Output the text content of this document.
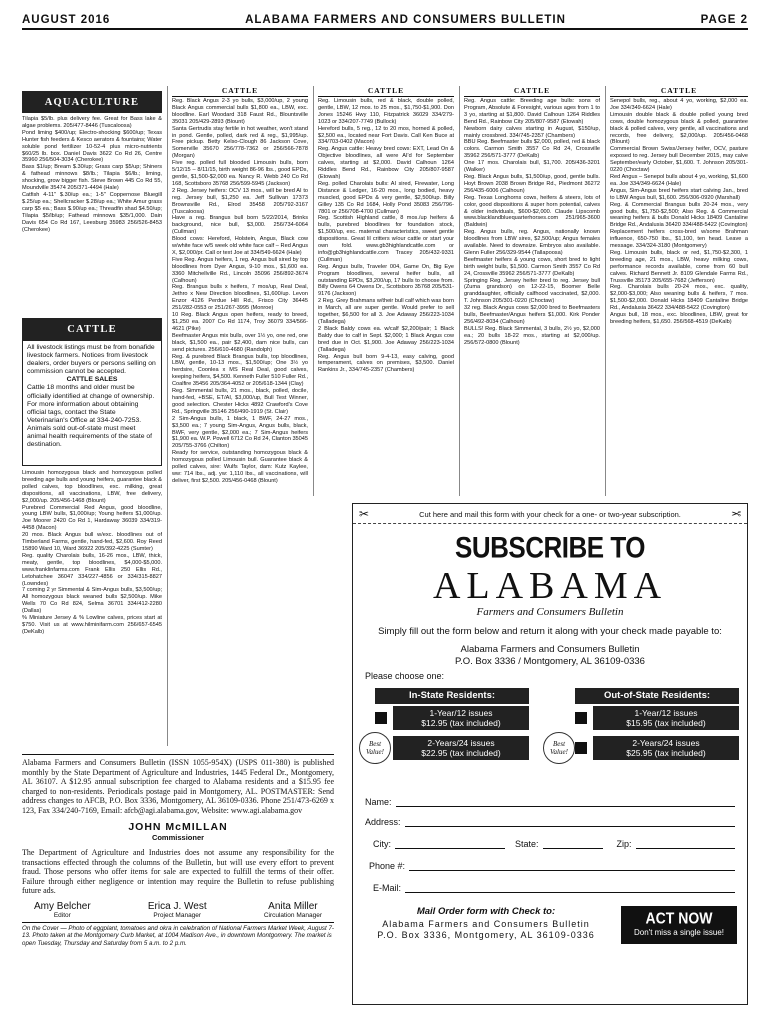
AUGUST 2016	ALABAMA FARMERS AND CONSUMERS BULLETIN	PAGE 2
AQUACULTURE

Tilapia $5/lb. plus delivery fee. Great for Bass lake & algae problems. 205/477-8446 (Tuscaloosa)
Pond liming $400/up; Electro-shocking $600/up; Texas Hunter fish feeders & Kesco aerators & fountains; Water soluble pond fertilizer 10-52-4 plus micro-nutrients $60/25 lb. box. Daniel Davis 3622 Co Rd 26, Centre 35960 256/504-3034 (Cherokee)
Bass $1/up; Bream $.30/up; Grass carp $5/up; Shiners & fathead minnows $8/lb.; Tilapia $6/lb.; liming, shocking, grow bigger fish. Steve Brown 445 Co Rd 55, Moundville 35474 205/371-4494 (Hale)
Catfish 4-11" $.30/up ea.; 1-5" Coppernose Bluegill $.25/up ea.; Shellcracker $.28/up ea.; White Amur grass carp $5 ea.; Bass $.90/up ea.; Threadfin shad $4.50/up; Tilapia $5/lb/up; Fathead minnows $35/1,000. Dain Davis 654 Co Rd 167, Leesburg 35983 256/526-8453 (Cherokee)

CATTLE

All livestock listings must be from bonafide livestock farmers. Notices from livestock dealers, order buyers or persons selling on commission cannot be accepted.

CATTLE SALES

Cattle 18 months and older must be officially identified at change of ownership. For more information about obtaining official tags, contact the State Veterinarian's Office at 334-240-7253. Animals sold out-of-state must meet animal health requirements of the state of destination.

Limousin homozygous black and homozygous polled breeding age bulls and young heifers, guarantee black & polled calves, top bloodlines, exc. milking, great dispositions, all vaccinations, LBW, free delivery, $2,000/up. 205/456-1468 (Blount)
Purebred Commercial Red Angus, good bloodline, young LBW bulls, $1,000/up; Young heifers $1,000/up. Joe Moorer 2420 Co Rd 1, Hardaway 36039 334/319-4458 (Macon)
20 mos. Black Angus bull w/exc. bloodlines out of Timberland Farms, gentle, hand-fed, $2,600. Roy Reed 15890 Ward 10, Ward 36922 205/392-4225 (Sumter)
Reg. quality Charolais bulls, 16-26 mos., LBW, thick, meaty, gentle, top bloodlines, $4,000-$5,000. www.franklinfarms.com Frank Ellis 250 Ellis Rd., Letohatchee 36047 334/227-4856 or 334/315-8827 (Lowndes)
7 coming 2 yr Simmental & Sim-Angus bulls, $3,500/up; All homozygous black weaned bulls $2,500/up. Mike Wells 70 Co Rd 824, Selma 36701 334/412-2280 (Dallas)
% Miniature Jersey & % Lowline calves, prices start at $750. Visit us at www.hilminifarm.com 256/657-6545 (DeKalb)

Alabama Farmers and Consumers Bulletin (ISSN 1055-954X) (USPS 011-380) is published monthly by the State Department of Agriculture and Industries, 1445 Federal Dr., Montgomery, AL 36107. A $12.95 annual subscription fee charged to Alabama residents and a $15.95 fee charged to non-residents. Periodicals postage paid in Montgomery, AL. POSTMASTER: Send address changes to AFCB, P.O. Box 3336, Montgomery, AL 36109-0336. Phone 251/473-6269 x 123, Fax 334/240-7169, Email: afcb@agi.alabama.gov, Website: www.agi.alabama.gov
JOHN McMILLAN
Commissioner
The Department of Agriculture and Industries does not assume any responsibility for the transactions effected through the columns of the Bulletin, but will use every effort to prevent fraud. Those persons who offer items for sale are expected to fulfill the terms of their offer. Failure through either negligence or intention may require the Bulletin to refuse publishing future ads.
Amy Belcher
Editor
Erica J. West
Project Manager
Anita Miller
Circulation Manager
On the Cover — Photo of eggplant, tomatoes and okra in celebration of National Farmers Market Week, August 7-13. Photo taken at the Montgomery Curb Market, at 1004 Madison Ave., in downtown Montgomery. The market is open Tuesday, Thursday and Saturday from 5 a.m. to 2 p.m.
CATTLE	CATTLE	CATTLE	CATTLE

Reg. Black Angus 2-3 yo bulls, $3,000/up, 2 young Black Angus commercial bulls $1,800 ea., LBW, exc. bloodline. Earl Woodard 318 Faust Rd., Blountsville 35031 205/429-2893 (Blount)
Santa Gertrudis stay fertile in hot weather, won't stand in pond. Gentle, polled, dark red & reg., $1,995/up. Free pickup. Betty Kelso-Clough 86 Jackson Cove, Somerville 35670 256/778-7362 or 256/566-7878 (Morgan)
Five reg. polled full blooded Limousin bulls, born 5/12/15 – 8/11/15, birth weight 86-96 lbs., good EPDs, gentle, $1,500-$2,000 ea. Nancy R. Webb 240 Co Rd 168, Scottsboro 35768 256/599-5945 (Jackson)
2 Reg. Jersey heifers: OCV 13 mos., will be bred AI to reg. Jersey bull, $1,250 ea. Jeff Sullivan 17373 Brownsville Rd., Elrod 35458 205/792-3167 (Tuscaloosa)
Have a reg. Brangus bull born 5/22/2014, Brinks background, nice bull, $3,000. 256/734-6064 (Cullman)
Blood cows: Hereford, Holstein, Angus, Black cow w/white face w/5 week old white face calf – Red Angus X, $2,000/pr. Call or text Joe at 334/549-6624 (Hale)
Five Reg. Angus heifers, 1 reg. Angus bull sired by top bloodlines from Dyer Angus, 9-10 mos., $1,600 ea. 3360 Mitchellville Rd., Lincoln 35096 256/892-3674 (Calhoun)
Reg. Brangus bulls x heifers, 7 mos/up, Real Deal, Jethro x New Direction bloodlines, $1,600/up. Levon Enzor 4126 Perdue Hill Rd., Frisco City 36445 251/282-0553 or 251/267-3995 (Monroe)
10 Reg. Black Angus open heifers, ready to breed, $1,250 ea. 2007 Co Rd 1174, Troy 36079 334/566-4621 (Pike)
Beefmaster Angus mix bulls, over 1½ yo, one red, one black, $1,500 ea., pair $2,400, dam nice bulls, can send pictures. 256/610-4680 (Randolph)
Reg. & purebred Black Brangus bulls, top bloodlines, LBW, gentle, 10-13 mos., $1,500/up; One 3½ yo herdsire, Coonlea x MS Real Deal, good calves, keeping heifers, $4,500. Kenneth Fuller 510 Fuller Rd., Coalfire 35456 205/364-4052 or 205/618-1344 (Clay)
Reg. Simmental bulls, 21 mos., black, polled, docile, hand-fed, +BSE, ET/AI, $3,000/up, Bull Test Winner, good selection. Chester Hicks 4892 Crawford's Cove Rd., Springville 35146 256/490-1919 (St. Clair)
2 Sim-Angus bulls, 1 black, 1 BWF, 24-27 mos., $3,500 ea.; 7 young Sim-Angus, Angus bulls, black, BWF, very gentle, $2,000 ea.; 7 Sim-Angus heifers $1,900 ea. W.P. Powell 6712 Co Rd 24, Clanton 35045 205/755-3766 (Chilton)
Ready for service, outstanding homozygous black & homozygous polled Limousin bull. Guarantee black & polled calves, sire: Wulfs Taylor, dam: Kutz Kaylee, ww: 714 lbs., adj. yw: 1,110 lbs., all vaccinations, will deliver, first $2,500. 205/456-0468 (Blount)

Reg. Limousin bulls, red & black, double polled, gentle, LBW, 12 mos. to 25 mos., $1,750-$1,900. Don Jones 15246 Hwy 110, Fitzpatrick 36029 334/279-1023 or 334/207-7749 (Bullock)
Hereford bulls, 5 reg., 12 to 20 mos, horned & polled, $2,500 ea., located near Fort Davis. Call Ken Buce at 334/703-0402 (Macon)
Reg. Angus cattle: Heavy bred cows: EXT, Lead On & Objective bloodlines, all were AI'd for September calves, starting at $2,000. David Calhoun 1264 Riddles Bend Rd., Rainbow City 205/807-9587 (Etowah)
Reg. polled Charolais bulls: AI sired, Firewater, Long Distance & Ledger, 16-20 mos., long bodied, heavy muscled, good EPDs & very gentle, $2,500/up. Billy Gilley 135 Co Rd 1684, Holly Pond 35083 256/796-7801 or 256/708-4700 (Cullman)
Reg. Scottish Highland cattle, 8 mos./up heifers & bulls, purebred bloodlines for foundation stock, $1,500/up, exc. maternal characteristics, sweet gentle dispositions. Great lil critters w/our cattle or start your own fold. www.gb3highlandcattle.com or info@gb3highlandcattle.com Tracey 205/432-9331 (Cullman)
Reg. Angus bulls, Traveler 004, Game On, Big Eye Program bloodlines, several heifer bulls, all outstanding EPDs, $3,200/up, 17 bulls to choose from. Billy Owens 64 Owens Dr., Scottsboro 35768 205/531-9176 (Jackson)
2 Reg. Grey Brahmans w/their bull calf which was born in March, all are super gentle. Would prefer to sell together, $6,500 for all 3. Joe Adaway 256/223-1034 (Talladega)
2 Black Baldy cows ea. w/calf $2,200/pair; 1 Black Baldy due to calf in Sept. $2,000; 1 Black Angus cow bred due in Oct. $1,900. Joe Adaway 256/223-1034 (Talladega)
Reg. Angus bull born 9-4-13, easy calving, good temperament, calves on premises, $3,500. Daniel Rankins Jr., 334/745-2357 (Chambers)

Reg. Angus cattle: Breeding age bulls: sons of Program, Absolute & Foresight, various ages from 1 to 3 yo, starting at $1,800. David Calhoun 1264 Riddles Bend Rd., Rainbow City 205/807-9587 (Etowah)
Newborn dairy calves starting in August, $150/up, mainly crossbred. 334/745-2357 (Chambers)
BBU Reg. Beefmaster bulls $2,000, polled, red & black colors. Carmon Smith 3557 Co Rd 24, Crossville 35962 256/571-3777 (DeKalb)
One 17 mos. Charolais bull, $1,700. 205/436-3201 (Walker)
Reg. Black Angus bulls, $1,500/up, good, gentle bulls. Hoyt Brown 2038 Brown Bridge Rd., Piedmont 36272 256/435-6006 (Calhoun)
Reg. Texas Longhorns cows, heifers & steers, lots of color, good dispositions & super horn potential, calves & older individuals, $600-$2,000. Claude Lipscomb www.blacklandbluequarterhorses.com 251/965-3600 (Baldwin)
Reg. Angus bulls, reg. Angus, nationally known bloodlines from LBW sires, $2,500/up; Angus females available. Need to downsize. Embryos also available. Glenn Fuller 256/329-9544 (Tallapoosa)
Beefmaster heifers & young cows, short bred to light birth weight bulls, $1,500. Carmon Smith 3557 Co Rd 24, Crossville 35962 256/571-3777 (DeKalb)
Springing Reg. Jersey heifer bred to reg. Jersey bull (Zuma grandson) on 12-22-15, Boomer Belle granddaughter, officially calfhood vaccinated, $2,000. T. Johnson 205/301-0220 (Choctaw)
32 reg. Black Angus cows $2,000 bred to Beefmasters bulls, Beefmaster/Angus heifers $1,000. Kirk Ponder 256/492-8034 (Calhoun)
BULLS! Reg. Black Simmental, 3 bulls, 2½ yo, $2,000 ea.; 20 bulls 18-22 mos., starting at $2,000/up. 256/572-0800 (Blount)

Senepol bulls, reg., about 4 yo, working, $2,000 ea. Joe 334/349-6624 (Hale)
Limousin double black & double polled young bred cows, double homozygous black & polled, guarantee black & polled calves, very gentle, all vaccinations and records, free delivery, $2,000/up. 205/456-0468 (Blount)
Commercial Brown Swiss/Jersey heifer, OCV, pasture exposed to reg. Jersey bull December 2015, may calve September/early October, $1,600. T. Johnson 205/301-0220 (Choctaw)
Red Angus – Senepol bulls about 4 yo, working, $1,600 ea. Joe 334/349-6624 (Hale)
Angus, Sim-Angus bred heifers start calving Jan., bred to LBW Angus bull, $1,600. 256/306-0920 (Marshall)
Reg. & Commercial Brangus bulls 20-24 mos., very good bulls, $1,750-$2,500; Also Reg. & Commercial weaning heifers & bulls Donald Hicks 18409 Cantaline Bridge Rd., Andalusia 36420 334/488-5422 (Covington)
Replacement heifers cross-bred w/some Brahman influence, 650-750 lbs., $1,100, ten head. Leave a message. 334/324-3180 (Montgomery)
Reg. Limousin bulls, black or red, $1,750-$2,300, 1 breeding age, 21 mos., LBW, heavy milking cows, performance records available, come from 60 bull calves. Richard Bennett Jr. 8109 Glendale Farms Rd., Trussville 35173 205/655-7682 (Jefferson)
Reg. Charolais bulls 20-24 mos., exc. quality, $2,000-$3,000; Also weaning bulls & heifers, 7 mos. $1,500-$2,000. Donald Hicks 18409 Cantaline Bridge Rd., Andalusia 36422 334/488-5422 (Covington)
Angus bull, 18 mos., exc. bloodlines, LBW, great for breeding heifers, $1,650. 256/568-4519 (DeKalb)

✂	✂
Cut here and mail this form with your check for a one- or two-year subscription.
SUBSCRIBE TO
ALABAMA
Farmers and Consumers Bulletin
Simply fill out the form below and return it along with your check made payable to:
Alabama Farmers and Consumers Bulletin
P.O. Box 3336 / Montgomery, AL 36109-0336
Please choose one:
In-State Residents:
1-Year/12 issues
$12.95 (tax included)
2-Years/24 issues
$22.95 (tax included)
Best Value!
Out-of-State Residents:
1-Year/12 issues
$15.95 (tax included)
2-Years/24 issues
$25.95 (tax included)
Best Value!
Name:
Address:
City:	State:	Zip:
Phone #:
E-Mail:
Mail Order form with Check to:
Alabama Farmers and Consumers Bulletin
P.O. Box 3336, Montgomery, AL 36109-0336
ACT NOW
Don't miss a single issue!
